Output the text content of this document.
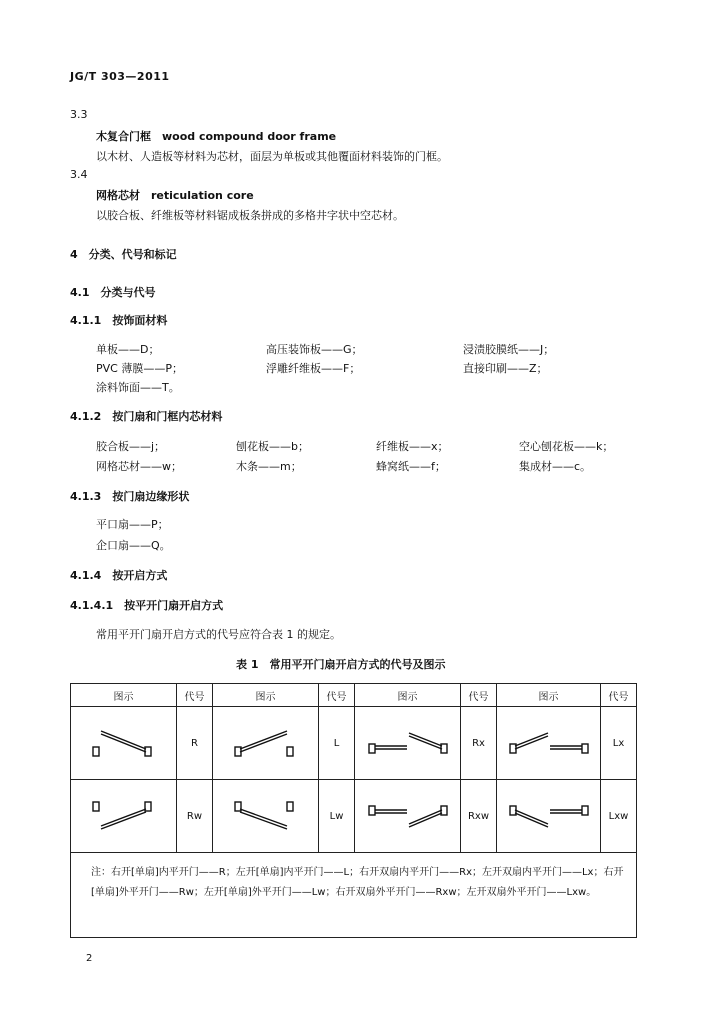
JG/T 303—2011
3.3
木复合门框　wood compound door frame
以木材、人造板等材料为芯材，面层为单板或其他覆面材料装饰的门框。
3.4
网格芯材　reticulation core
以胶合板、纤维板等材料锯成板条拼成的多格井字状中空芯材。
4　分类、代号和标记
4.1　分类与代号
4.1.1　按饰面材料
单板——D；	高压装饰板——G；	浸渍胶膜纸——J；
PVC 薄膜——P；	浮雕纤维板——F；	直接印刷——Z；
涂料饰面——T。
4.1.2　按门扇和门框内芯材料
胶合板——j；	刨花板——b；	纤维板——x；	空心刨花板——k；
网格芯材——w；	木条——m；	蜂窝纸——f；	集成材——c。
4.1.3　按门扇边缘形状
平口扇——P；
企口扇——Q。
4.1.4　按开启方式
4.1.4.1　按平开门扇开启方式
常用平开门扇开启方式的代号应符合表 1 的规定。
表 1　常用平开门扇开启方式的代号及图示
图示	代号	图示	代号	图示	代号	图示	代号

	R		L		Rx		Lx

	Rw		Lw		Rxw		Lxw

注：右开[单扇]内平开门——R；左开[单扇]内平开门——L；右开双扇内平开门——Rx；左开双扇内平开门——Lx；右开[单扇]外平开门——Rw；左开[单扇]外平开门——Lw；右开双扇外平开门——Rxw；左开双扇外平开门——Lxw。							
2
